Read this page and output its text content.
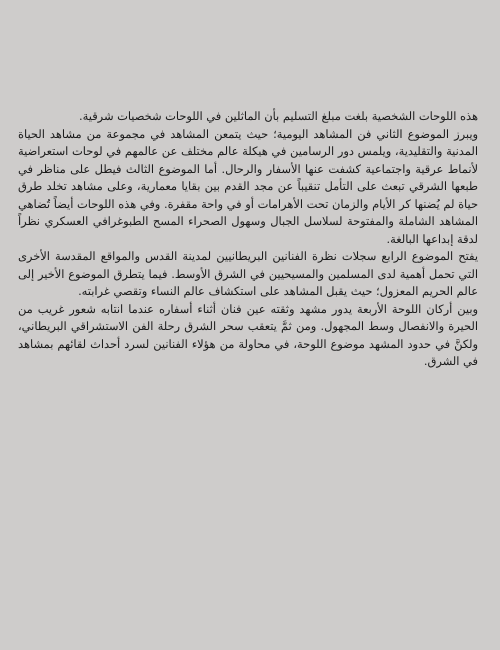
هذه اللوحات الشخصية بلغت مبلغ التسليم بأن الماثلين في اللوحات شخصيات شرقية.

ويبرز الموضوع الثاني فن المشاهد اليومية؛ حيث يتمعن المشاهد في مجموعة من مشاهد الحياة المدنية والتقليدية، ويلمس دور الرسامين في هيكلة عالم مختلف عن عالمهم في لوحات استعراضية لأنماط عرقية واجتماعية كشفت عنها الأسفار والرحال. أما الموضوع الثالث فيطل على مناظر في طبعها الشرقي تبعث على التأمل تنقيباً عن مجد القدم بين بقايا معمارية، وعلى مشاهد تخلد طرق حياة لم يُضنها كر الأيام والزمان تحت الأهرامات أو في واحة مقفرة. وفي هذه اللوحات أيضاً تُضاهي المشاهد الشاملة والمفتوحة لسلاسل الجبال وسهول الصحراء المسح الطبوغرافي العسكري نظراً لدقة إبداعها البالغة.

يفتح الموضوع الرابع سجلات نظرة الفنانين البريطانيين لمدينة القدس والمواقع المقدسة الأخرى التي تحمل أهمية لدى المسلمين والمسيحيين في الشرق الأوسط. فيما يتطرق الموضوع الأخير إلى عالم الحريم المعزول؛ حيث يقبل المشاهد على استكشاف عالم النساء وتقصي غرابته.

وبين أركان اللوحة الأربعة يدور مشهد وثقته عين فنان أثناء أسفاره عندما انتابه شعور غريب من الحيرة والانفصال وسط المجهول. ومن ثمَّ يتعقب سحر الشرق رحلة الفن الاستشراقي البريطاني، ولكنَّ في حدود المشهد موضوع اللوحة، في محاولة من هؤلاء الفنانين لسرد أحداث لقائهم بمشاهد في الشرق.
